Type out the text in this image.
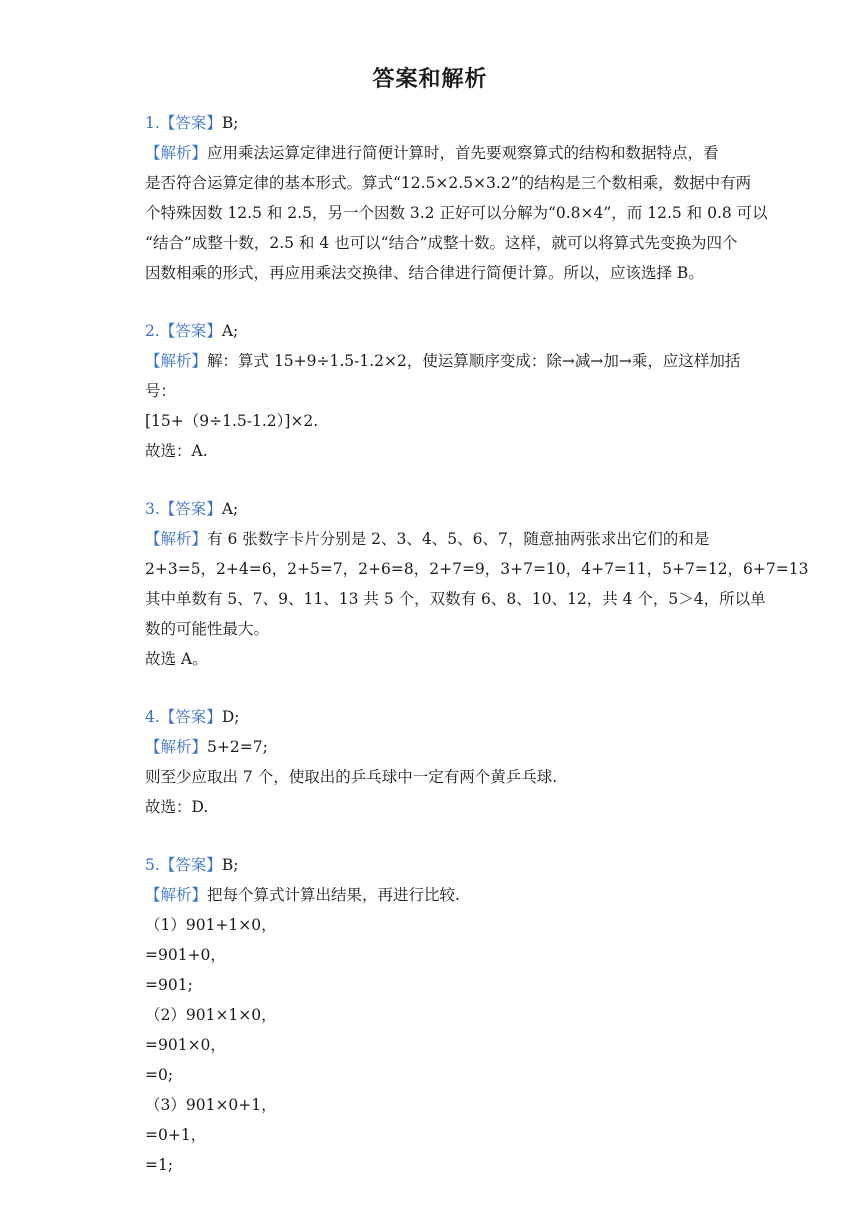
答案和解析
1.【答案】B;
【解析】应用乘法运算定律进行简便计算时，首先要观察算式的结构和数据特点，看
是否符合运算定律的基本形式。算式“12.5×2.5×3.2”的结构是三个数相乘，数据中有两
个特殊因数 12.5 和 2.5，另一个因数 3.2 正好可以分解为“0.8×4”，而 12.5 和 0.8 可以
“结合”成整十数，2.5 和 4 也可以“结合”成整十数。这样，就可以将算式先变换为四个
因数相乘的形式，再应用乘法交换律、结合律进行简便计算。所以，应该选择 B。
2.【答案】A;
【解析】解：算式 15+9÷1.5-1.2×2，使运算顺序变成：除→减→加→乘，应这样加括
号：
[15+（9÷1.5-1.2）]×2.
故选：A.
3.【答案】A;
【解析】有 6 张数字卡片分别是 2、3、4、5、6、7，随意抽两张求出它们的和是
2+3=5，2+4=6，2+5=7，2+6=8，2+7=9，3+7=10，4+7=11，5+7=12，6+7=13
其中单数有 5、7、9、11、13 共 5 个，双数有 6、8、10、12，共 4 个，5＞4，所以单
数的可能性最大。
故选 A。
4.【答案】D;
【解析】5+2=7;
则至少应取出 7 个，使取出的乒乓球中一定有两个黄乒乓球.
故选：D.
5.【答案】B;
【解析】把每个算式计算出结果，再进行比较.
（1）901+1×0，
=901+0，
=901;
（2）901×1×0，
=901×0，
=0;
（3）901×0+1，
=0+1，
=1;
